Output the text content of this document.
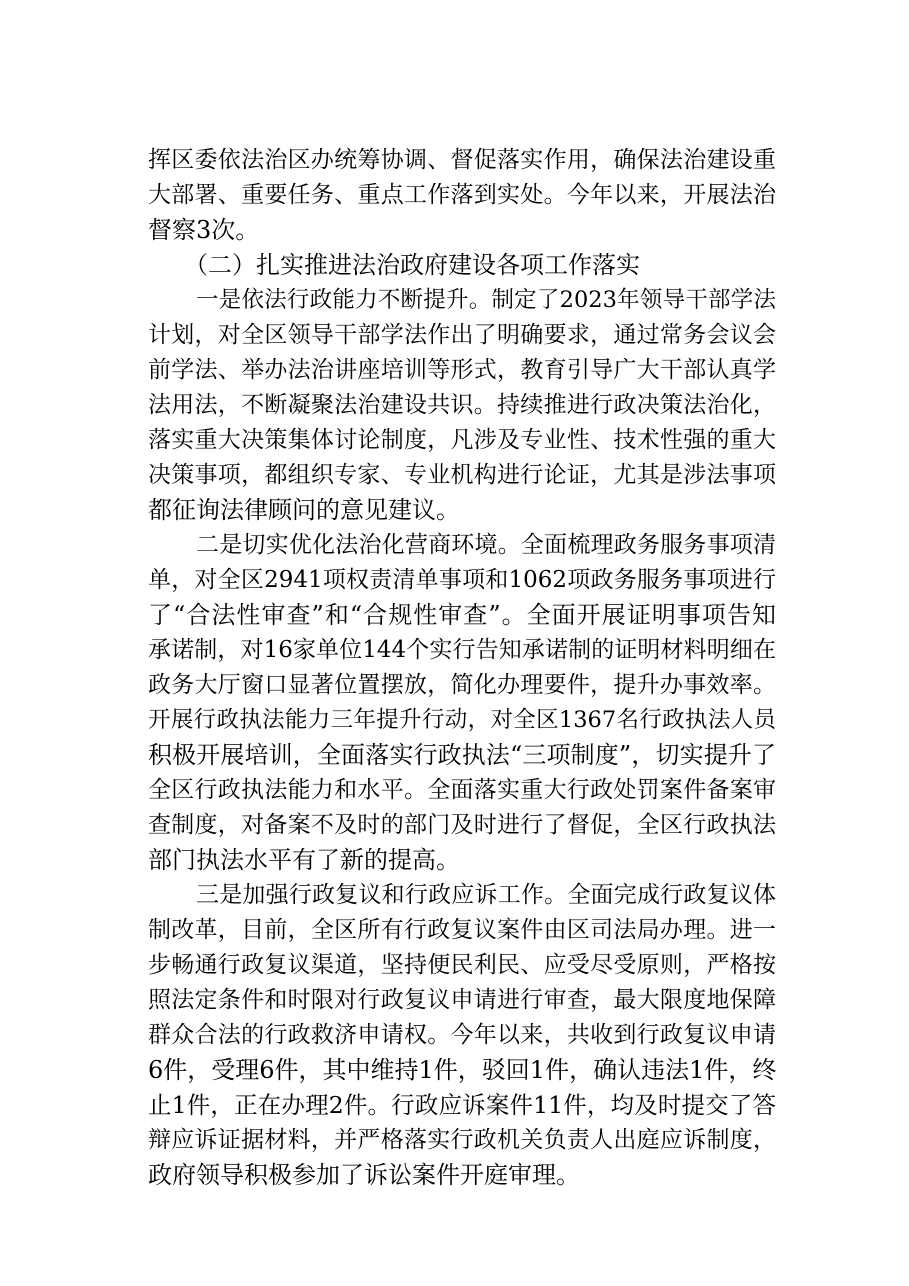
挥区委依法治区办统筹协调、督促落实作用，确保法治建设重
大部署、重要任务、重点工作落到实处。今年以来，开展法治
督察3次。
（二）扎实推进法治政府建设各项工作落实
一是依法行政能力不断提升。制定了2023年领导干部学法
计划，对全区领导干部学法作出了明确要求，通过常务会议会
前学法、举办法治讲座培训等形式，教育引导广大干部认真学
法用法，不断凝聚法治建设共识。持续推进行政决策法治化，
落实重大决策集体讨论制度，凡涉及专业性、技术性强的重大
决策事项，都组织专家、专业机构进行论证，尤其是涉法事项
都征询法律顾问的意见建议。
二是切实优化法治化营商环境。全面梳理政务服务事项清
单，对全区2941项权责清单事项和1062项政务服务事项进行
了“合法性审查”和“合规性审查”。全面开展证明事项告知
承诺制，对16家单位144个实行告知承诺制的证明材料明细在
政务大厅窗口显著位置摆放，简化办理要件，提升办事效率。
开展行政执法能力三年提升行动，对全区1367名行政执法人员
积极开展培训，全面落实行政执法“三项制度”，切实提升了
全区行政执法能力和水平。全面落实重大行政处罚案件备案审
查制度，对备案不及时的部门及时进行了督促，全区行政执法
部门执法水平有了新的提高。
三是加强行政复议和行政应诉工作。全面完成行政复议体
制改革，目前，全区所有行政复议案件由区司法局办理。进一
步畅通行政复议渠道，坚持便民利民、应受尽受原则，严格按
照法定条件和时限对行政复议申请进行审查，最大限度地保障
群众合法的行政救济申请权。今年以来，共收到行政复议申请
6件，受理6件，其中维持1件，驳回1件，确认违法1件，终
止1件，正在办理2件。行政应诉案件11件，均及时提交了答
辩应诉证据材料，并严格落实行政机关负责人出庭应诉制度，
政府领导积极参加了诉讼案件开庭审理。
